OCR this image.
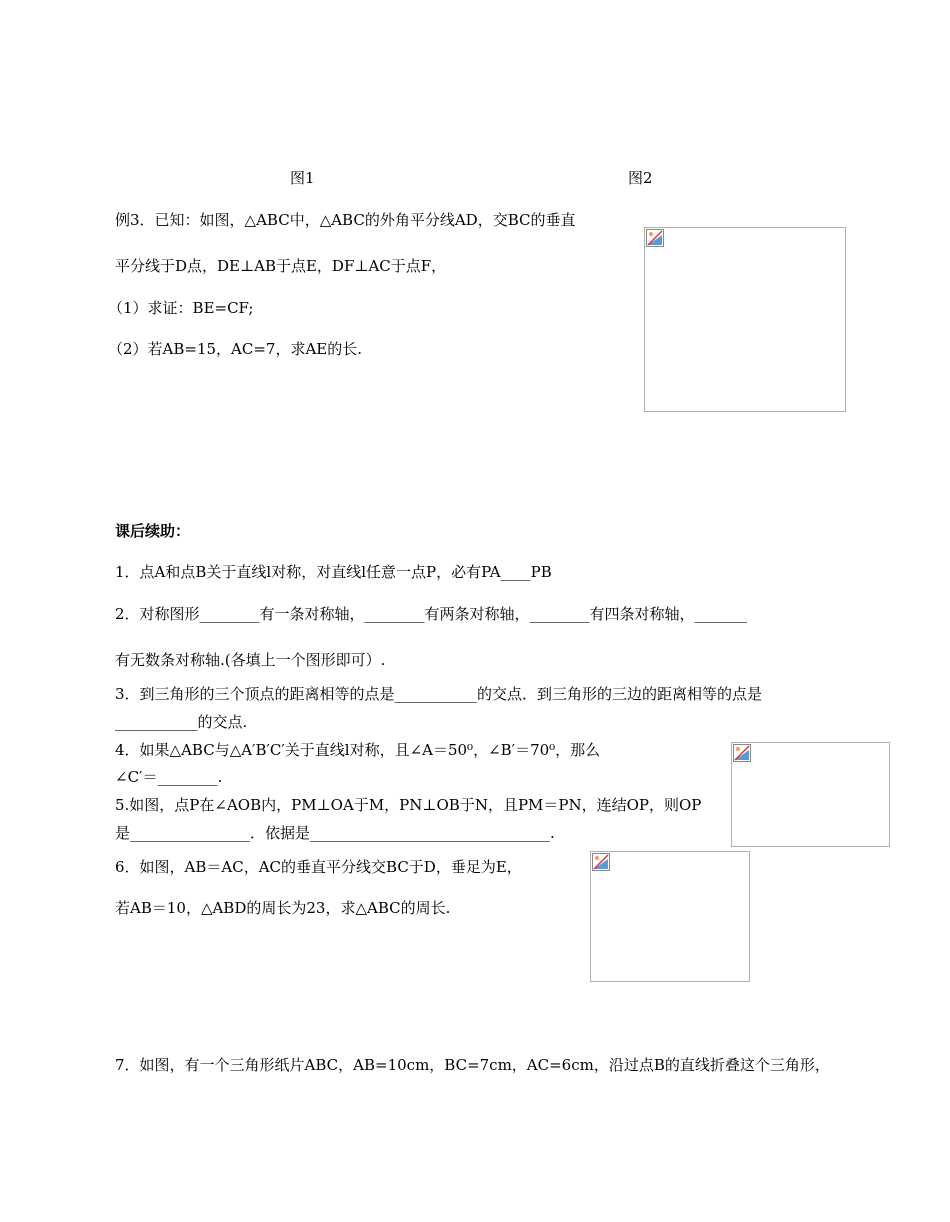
图1	图2
例3．已知：如图，△ABC中，△ABC的外角平分线AD，交BC的垂直
平分线于D点，DE⊥AB于点E，DF⊥AC于点F，
（1）求证：BE=CF;
（2）若AB=15，AC=7，求AE的长.
课后续助：
1．点A和点B关于直线l对称，对直线l任意一点P，必有PA____PB
2．对称图形________有一条对称轴，________有两条对称轴，________有四条对称轴，_______
有无数条对称轴.(各填上一个图形即可）.
3．到三角形的三个顶点的距离相等的点是___________的交点．到三角形的三边的距离相等的点是
___________的交点.
4．如果△ABC与△A′B′C′关于直线l对称，且∠A＝50⁰，∠B′＝70⁰，那么
∠C′＝________.
5.如图，点P在∠AOB内，PM⊥OA于M，PN⊥OB于N，且PM＝PN，连结OP，则OP
是________________．依据是________________________________.
6．如图，AB＝AC，AC的垂直平分线交BC于D，垂足为E，
若AB＝10，△ABD的周长为23，求△ABC的周长.
7．如图，有一个三角形纸片ABC，AB=10cm，BC=7cm，AC=6cm，沿过点B的直线折叠这个三角形，
